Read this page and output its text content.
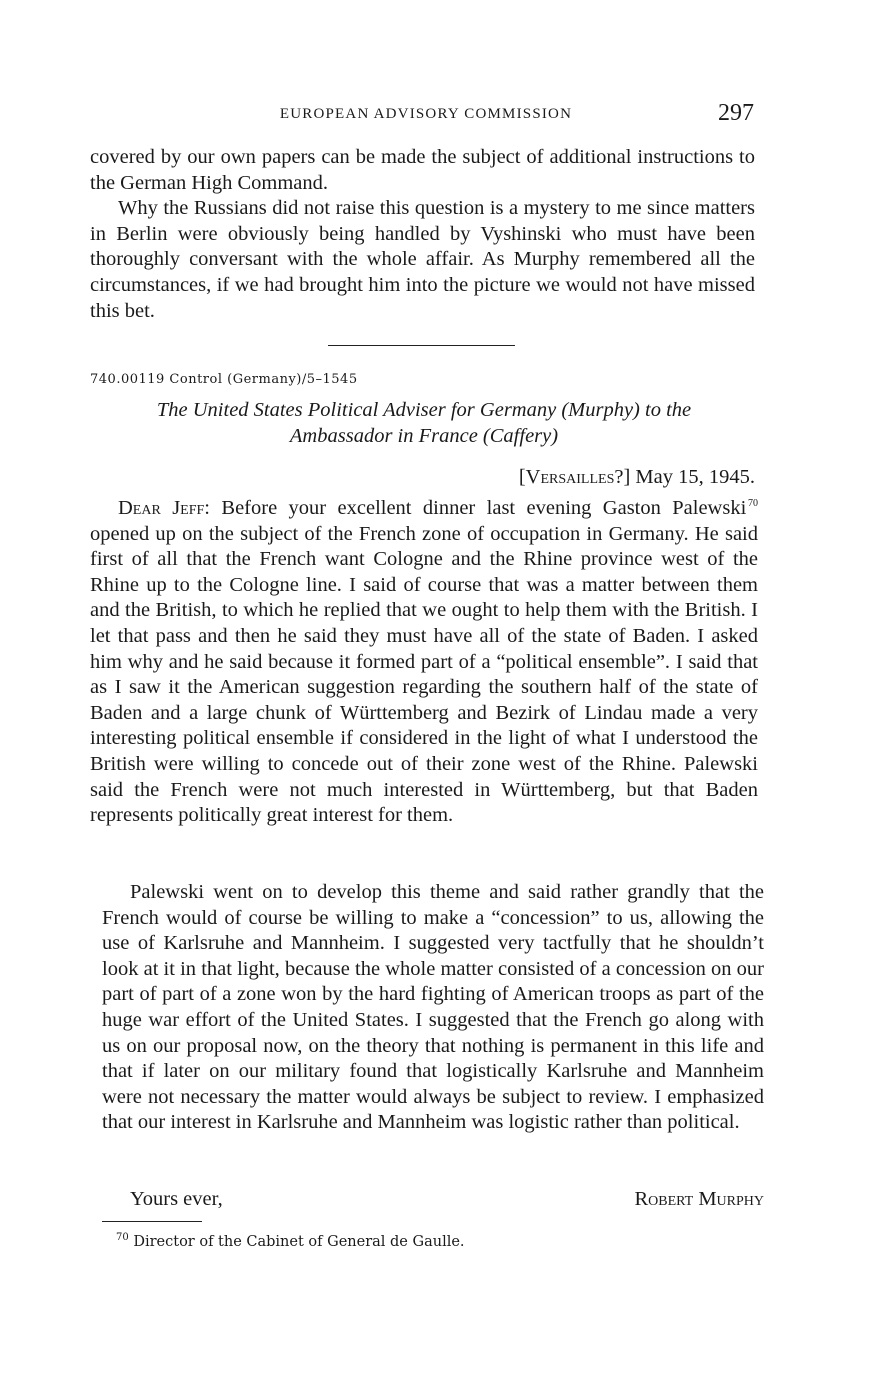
EUROPEAN ADVISORY COMMISSION	297

covered by our own papers can be made the subject of additional instructions to the German High Command.

Why the Russians did not raise this question is a mystery to me since matters in Berlin were obviously being handled by Vyshinski who must have been thoroughly conversant with the whole affair. As Murphy remembered all the circumstances, if we had brought him into the picture we would not have missed this bet.

740.00119 Control (Germany)/5–1545
The United States Political Adviser for Germany (Murphy) to the
Ambassador in France (Caffery)
[Versailles?] May 15, 1945.

Dear Jeff: Before your excellent dinner last evening Gaston Palewski  $^{70}$ opened up on the subject of the French zone of occupation in Germany. He said first of all that the French want Cologne and the Rhine province west of the Rhine up to the Cologne line. I said of course that was a matter between them and the British, to which he replied that we ought to help them with the British. I let that pass and then he said they must have all of the state of Baden. I asked him why and he said because it formed part of a “political ensemble”. I said that as I saw it the American suggestion regarding the southern half of the state of Baden and a large chunk of Württemberg and Bezirk of Lindau made a very interesting political ensemble if considered in the light of what I understood the British were willing to concede out of their zone west of the Rhine. Palewski said the French were not much interested in Württemberg, but that Baden represents politically great interest for them.

Palewski went on to develop this theme and said rather grandly that the French would of course be willing to make a “concession” to us, allowing the use of Karlsruhe and Mannheim. I suggested very tactfully that he shouldn’t look at it in that light, because the whole matter consisted of a concession on our part of part of a zone won by the hard fighting of American troops as part of the huge war effort of the United States. I suggested that the French go along with us on our proposal now, on the theory that nothing is permanent in this life and that if later on our military found that logistically Karlsruhe and Mannheim were not necessary the matter would always be subject to review. I emphasized that our interest in Karlsruhe and Mannheim was logistic rather than political.

Yours ever,	Robert Murphy
$^{70}$ Director of the Cabinet of General de Gaulle.
